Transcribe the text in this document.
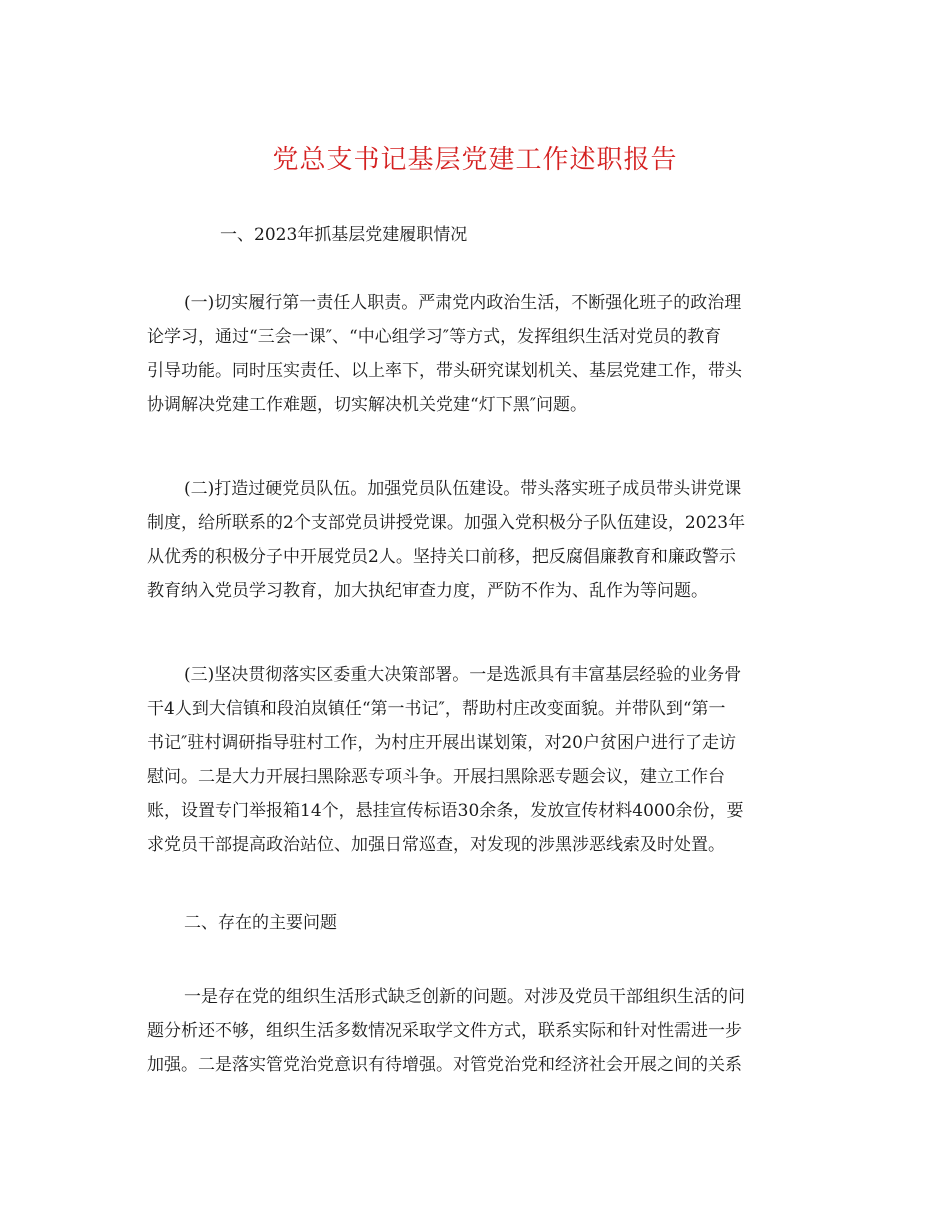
党总支书记基层党建工作述职报告
一、2023年抓基层党建履职情况
(一)切实履行第一责任人职责。严肃党内政治生活，不断强化班子的政治理
论学习，通过“三会一课″、“中心组学习″等方式，发挥组织生活对党员的教育
引导功能。同时压实责任、以上率下，带头研究谋划机关、基层党建工作，带头
协调解决党建工作难题，切实解决机关党建“灯下黑″问题。
(二)打造过硬党员队伍。加强党员队伍建设。带头落实班子成员带头讲党课
制度，给所联系的2个支部党员讲授党课。加强入党积极分子队伍建设，2023年
从优秀的积极分子中开展党员2人。坚持关口前移，把反腐倡廉教育和廉政警示
教育纳入党员学习教育，加大执纪审查力度，严防不作为、乱作为等问题。
(三)坚决贯彻落实区委重大决策部署。一是选派具有丰富基层经验的业务骨
干4人到大信镇和段泊岚镇任“第一书记″，帮助村庄改变面貌。并带队到“第一
书记″驻村调研指导驻村工作，为村庄开展出谋划策，对20户贫困户进行了走访
慰问。二是大力开展扫黑除恶专项斗争。开展扫黑除恶专题会议，建立工作台
账，设置专门举报箱14个，悬挂宣传标语30余条，发放宣传材料4000余份，要
求党员干部提高政治站位、加强日常巡查，对发现的涉黑涉恶线索及时处置。
二、存在的主要问题
一是存在党的组织生活形式缺乏创新的问题。对涉及党员干部组织生活的问
题分析还不够，组织生活多数情况采取学文件方式，联系实际和针对性需进一步
加强。二是落实管党治党意识有待增强。对管党治党和经济社会开展之间的关系
